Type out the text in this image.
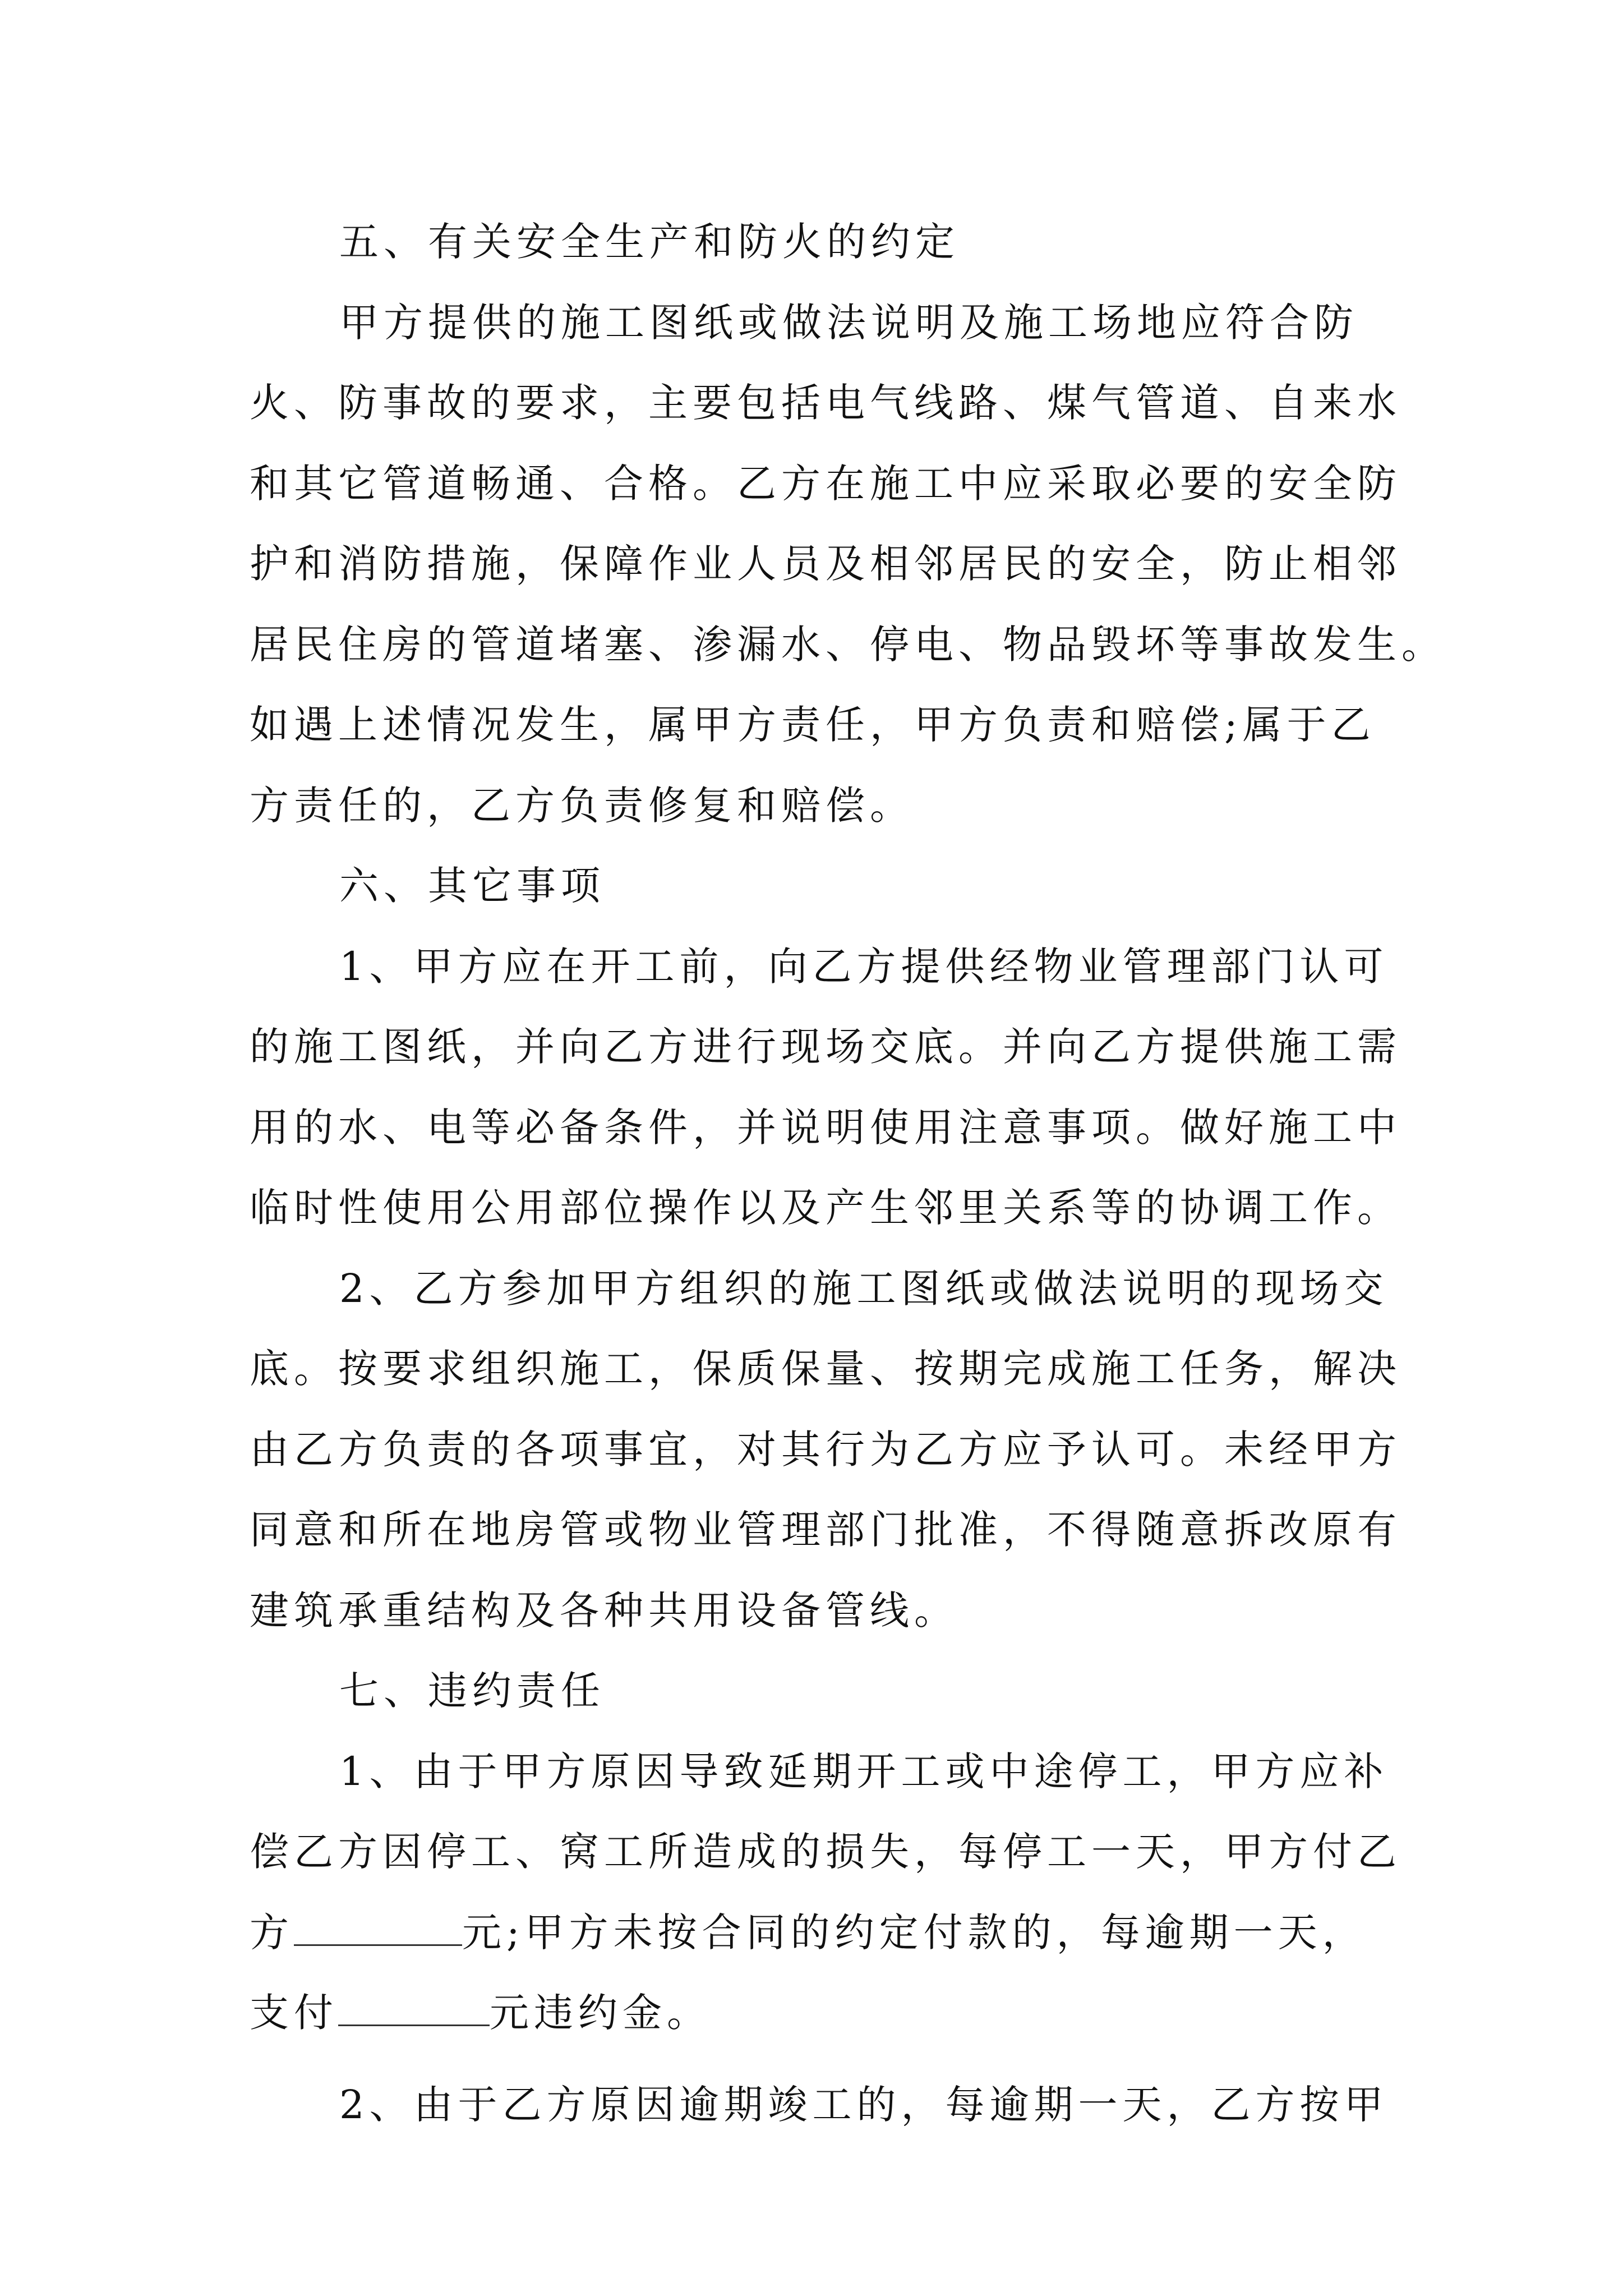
五、有关安全生产和防火的约定
甲方提供的施工图纸或做法说明及施工场地应符合防
火、防事故的要求，主要包括电气线路、煤气管道、自来水
和其它管道畅通、合格。乙方在施工中应采取必要的安全防
护和消防措施，保障作业人员及相邻居民的安全，防止相邻
居民住房的管道堵塞、渗漏水、停电、物品毁坏等事故发生。
如遇上述情况发生，属甲方责任，甲方负责和赔偿;属于乙
方责任的，乙方负责修复和赔偿。
六、其它事项
1、甲方应在开工前，向乙方提供经物业管理部门认可
的施工图纸，并向乙方进行现场交底。并向乙方提供施工需
用的水、电等必备条件，并说明使用注意事项。做好施工中
临时性使用公用部位操作以及产生邻里关系等的协调工作。
2、乙方参加甲方组织的施工图纸或做法说明的现场交
底。按要求组织施工，保质保量、按期完成施工任务，解决
由乙方负责的各项事宜，对其行为乙方应予认可。未经甲方
同意和所在地房管或物业管理部门批准，不得随意拆改原有
建筑承重结构及各种共用设备管线。
七、违约责任
1、由于甲方原因导致延期开工或中途停工，甲方应补
偿乙方因停工、窝工所造成的损失，每停工一天，甲方付乙
方	元;甲方未按合同的约定付款的，每逾期一天，
支付	元违约金。
2、由于乙方原因逾期竣工的，每逾期一天，乙方按甲
